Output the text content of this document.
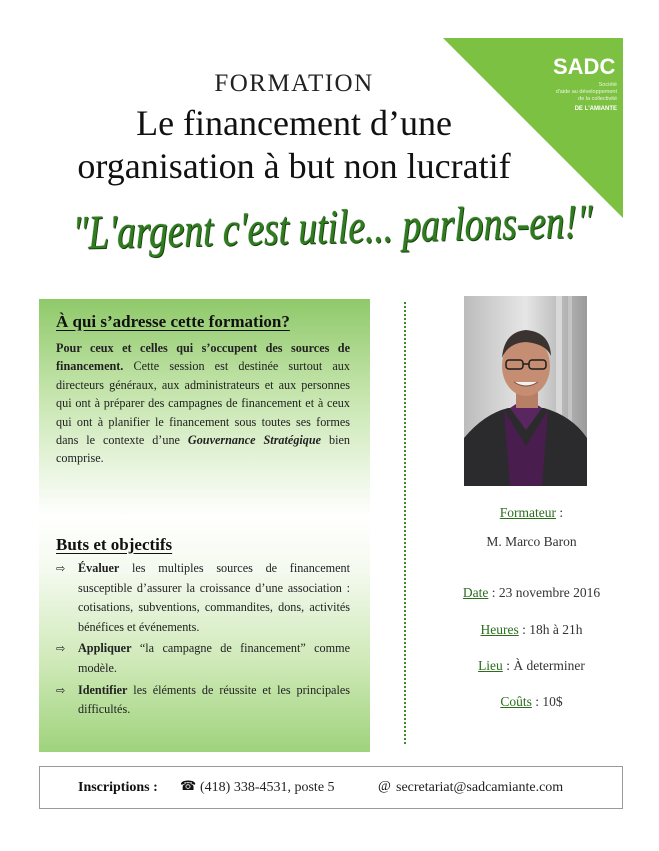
FORMATION
Le financement d’une
organisation à but non lucratif
"L'argent c'est utile... parlons-en!"
SADC
Société
d'aide au développement
de la collectivité
DE L'AMIANTE
À qui s’adresse cette formation?

Pour ceux et celles qui s’occupent des sources de financement. Cette session est destinée surtout aux directeurs généraux, aux administrateurs et aux personnes qui ont à préparer des campagnes de financement et à ceux qui ont à planifier le financement sous toutes ses formes dans le contexte d’une Gouvernance Stratégique bien comprise.

Buts et objectifs
⇨ Évaluer les multiples sources de financement susceptible d’assurer la croissance d’une association : cotisations, subventions, commandites, dons, activités bénéfices et événements.
⇨ Appliquer “la campagne de financement” comme modèle.
⇨ Identifier les éléments de réussite et les principales difficultés.
Formateur :
M. Marco Baron
Date : 23 novembre 2016
Heures : 18h à 21h
Lieu : À determiner
Coûts : 10$
Inscriptions : ☎ (418) 338-4531, poste 5	@ secretariat@sadcamiante.com
